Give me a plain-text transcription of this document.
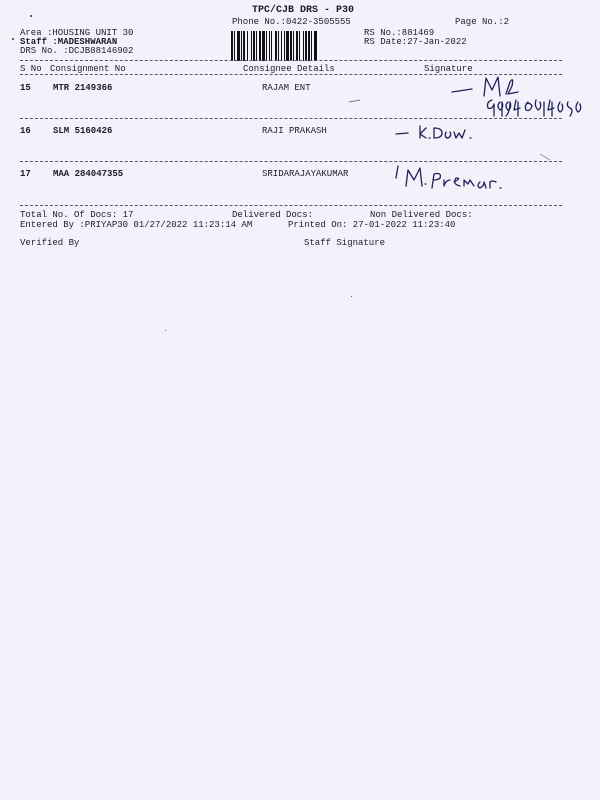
TPC/CJB DRS - P30
Phone No.:0422-3505555	Page No.:2
Area :HOUSING UNIT 30
Staff :MADESHWARAN
DRS No. :DCJB88146902
RS No.:881469
RS Date:27-Jan-2022
S No Consignment No	Consignee Details	Signature
15 MTR 2149366	RAJAM ENT
16 SLM 5160426	RAJI PRAKASH
17 MAA 284047355	SRIDARAJAYAKUMAR
Total No. Of Docs: 17	Delivered Docs:	Non Delivered Docs:
Entered By :PRIYAP30 01/27/2022 11:23:14 AM	Printed On: 27-01-2022 11:23:40
Verified By	Staff Signature
